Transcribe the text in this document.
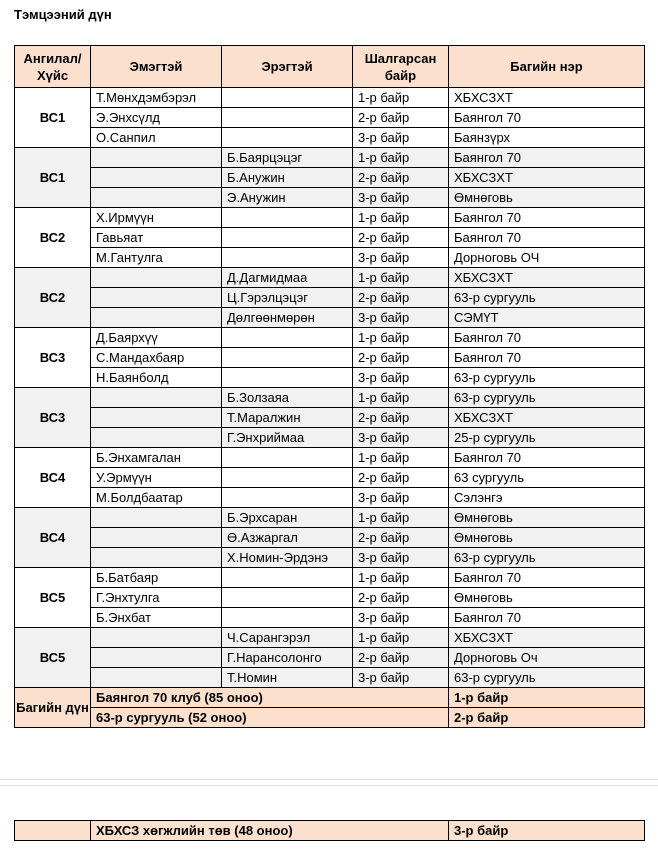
Тэмцээний дүн
Ангилал/ Хүйс	Эмэгтэй	Эрэгтэй	Шалгарсан байр	Багийн нэр
ВС1	Т.Мөнхдэмбэрэл		1-р байр	ХБХСЗХТ
	Э.Энхсүлд		2-р байр	Баянгол 70
	О.Санпил		3-р байр	Баянзүрх
ВС1		Б.Баярцэцэг	1-р байр	Баянгол 70
		Б.Анужин	2-р байр	ХБХСЗХТ
		Э.Анужин	3-р байр	Өмнөговь
ВС2	Х.Ирмүүн		1-р байр	Баянгол 70
	Гавьяат		2-р байр	Баянгол 70
	М.Гантулга		3-р байр	Дорноговь ОЧ
ВС2		Д.Дагмидмаа	1-р байр	ХБХСЗХТ
		Ц.Гэрэлцэцэг	2-р байр	63-р сургууль
		Дөлгөөнмөрөн	3-р байр	СЭМҮТ
ВС3	Д.Баярхүү		1-р байр	Баянгол 70
	С.Мандахбаяр		2-р байр	Баянгол 70
	Н.Баянболд		3-р байр	63-р сургууль
ВС3		Б.Золзаяа	1-р байр	63-р сургууль
		Т.Маралжин	2-р байр	ХБХСЗХТ
		Г.Энхриймаа	3-р байр	25-р сургууль
ВС4	Б.Энхамгалан		1-р байр	Баянгол 70
	У.Эрмүүн		2-р байр	63 сургууль
	М.Болдбаатар		3-р байр	Сэлэнгэ
ВС4		Б.Эрхсаран	1-р байр	Өмнөговь
		Ө.Азжаргал	2-р байр	Өмнөговь
		Х.Номин-Эрдэнэ	3-р байр	63-р сургууль
ВС5	Б.Батбаяр		1-р байр	Баянгол 70
	Г.Энхтулга		2-р байр	Өмнөговь
	Б.Энхбат		3-р байр	Баянгол 70
ВС5		Ч.Сарангэрэл	1-р байр	ХБХСЗХТ
		Г.Наранcолонго	2-р байр	Дорноговь Оч
		Т.Номин	3-р байр	63-р сургууль
Багийн дүн	Баянгол 70 клуб (85 оноо)			1-р байр
	63-р сургууль (52 оноо)			2-р байр
	ХБХСЗ хөгжлийн төв (48 оноо)	3-р байр
